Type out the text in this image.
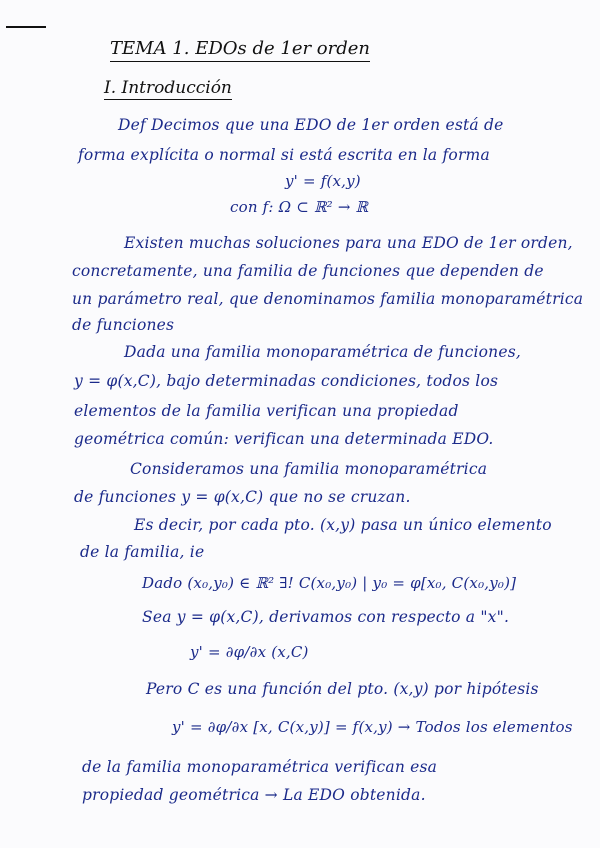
TEMA 1. EDOs de 1er orden
I. Introducción
Def Decimos que una EDO de 1er orden está de
forma explícita o normal si está escrita en la forma
y' = f(x,y)
con f: Ω ⊂ ℝ² → ℝ
Existen muchas soluciones para una EDO de 1er orden,
concretamente, una familia de funciones que dependen de
un parámetro real, que denominamos familia monoparamétrica
de funciones
Dada una familia monoparamétrica de funciones,
y = φ(x,C), bajo determinadas condiciones, todos los
elementos de la familia verifican una propiedad
geométrica común: verifican una determinada EDO.
Consideramos una familia monoparamétrica
de funciones y = φ(x,C) que no se cruzan.
Es decir, por cada pto. (x,y) pasa un único elemento
de la familia, ie
Dado (x₀,y₀) ∈ ℝ² ∃! C(x₀,y₀) | y₀ = φ[x₀, C(x₀,y₀)]
Sea y = φ(x,C), derivamos con respecto a "x".
y' = ∂φ/∂x (x,C)
Pero C es una función del pto. (x,y) por hipótesis
y' = ∂φ/∂x [x, C(x,y)] = f(x,y) → Todos los elementos
de la familia monoparamétrica verifican esa
propiedad geométrica → La EDO obtenida.
